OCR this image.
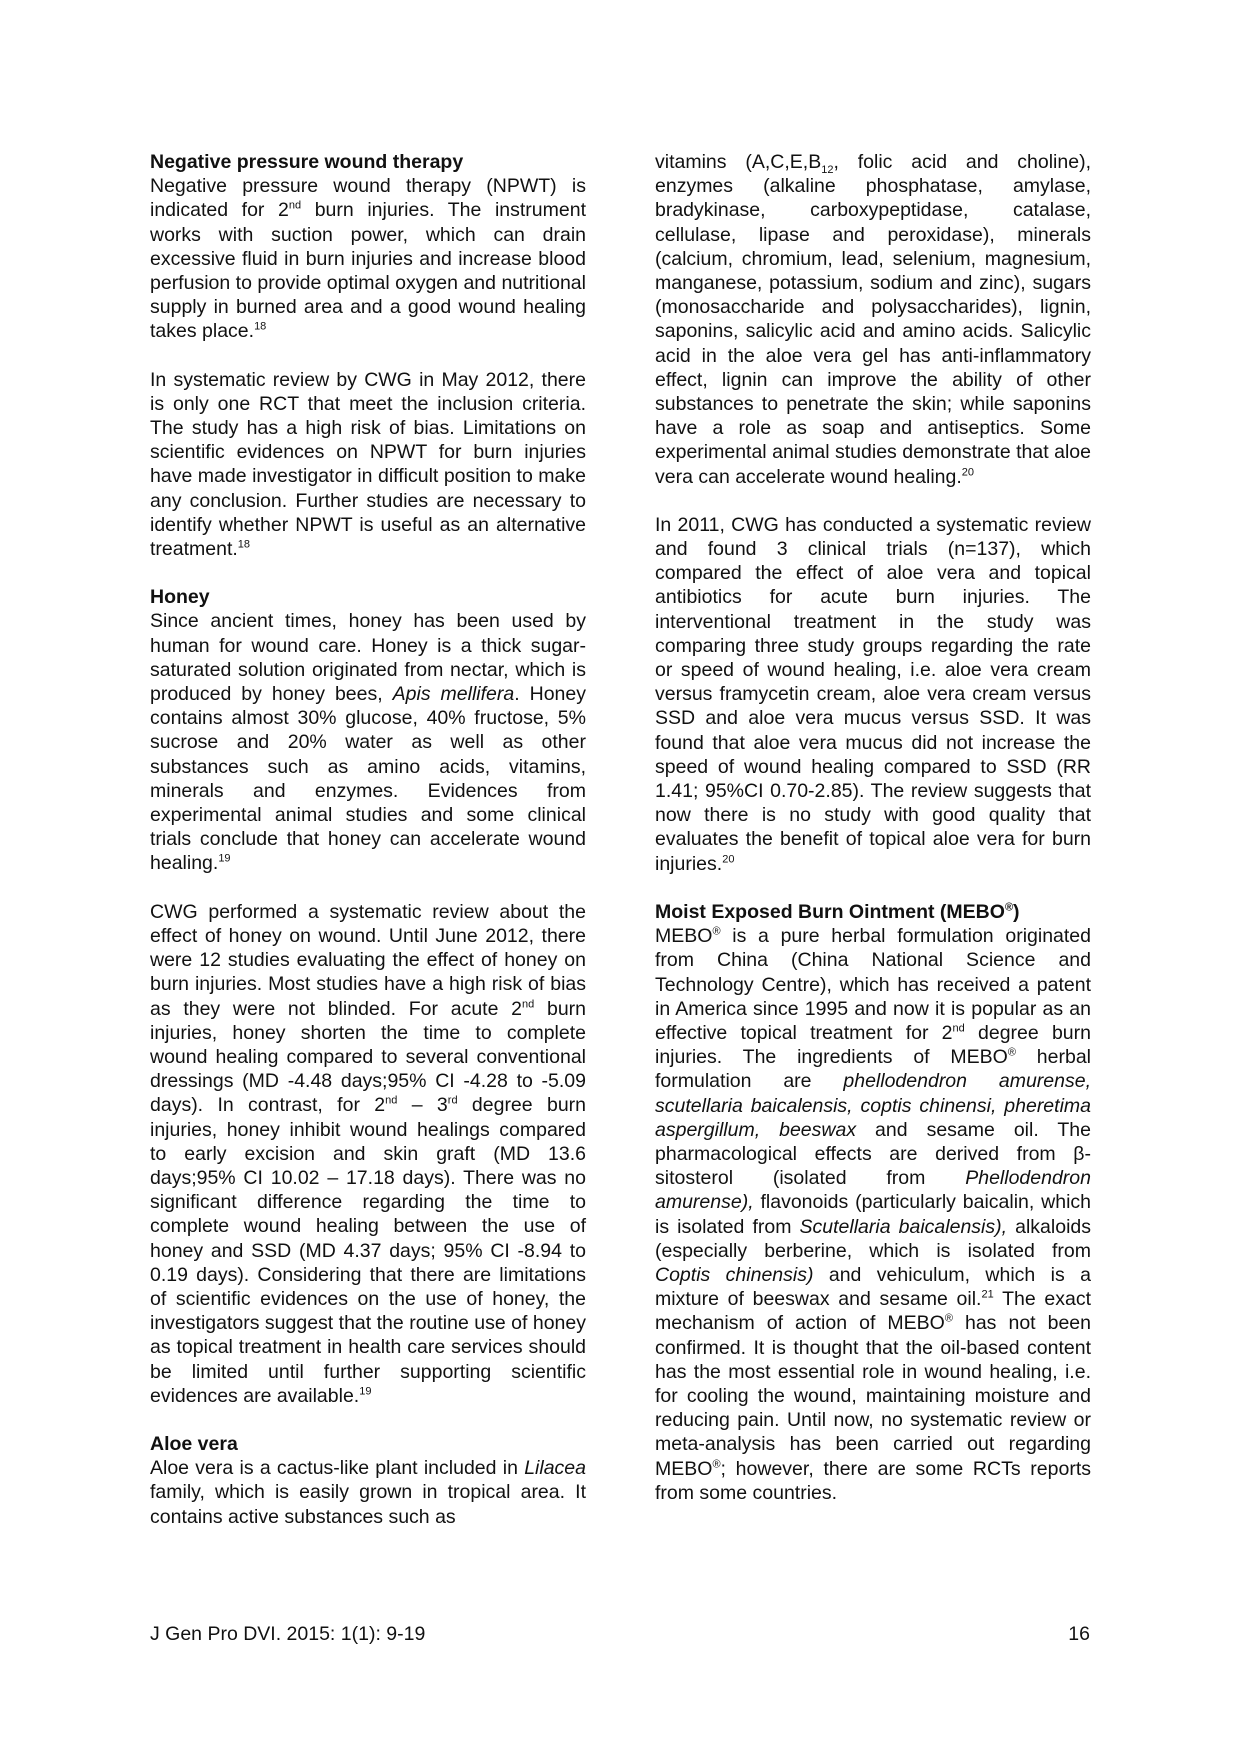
Negative pressure wound therapy

Negative pressure wound therapy (NPWT) is indicated for 2nd burn injuries. The instrument works with suction power, which can drain excessive fluid in burn injuries and increase blood perfusion to provide optimal oxygen and nutritional supply in burned area and a good wound healing takes place.$^{18}$

In systematic review by CWG in May 2012, there is only one RCT that meet the inclusion criteria. The study has a high risk of bias. Limitations on scientific evidences on NPWT for burn injuries have made investigator in difficult position to make any conclusion. Further studies are necessary to identify whether NPWT is useful as an alternative treatment.$^{18}$

Honey

Since ancient times, honey has been used by human for wound care. Honey is a thick sugar-saturated solution originated from nectar, which is produced by honey bees, Apis mellifera. Honey contains almost 30% glucose, 40% fructose, 5% sucrose and 20% water as well as other substances such as amino acids, vitamins, minerals and enzymes. Evidences from experimental animal studies and some clinical trials conclude that honey can accelerate wound healing.$^{19}$

CWG performed a systematic review about the effect of honey on wound. Until June 2012, there were 12 studies evaluating the effect of honey on burn injuries. Most studies have a high risk of bias as they were not blinded. For acute 2nd burn injuries, honey shorten the time to complete wound healing compared to several conventional dressings (MD -4.48 days;95% CI -4.28 to -5.09 days). In contrast, for 2nd – 3rd degree burn injuries, honey inhibit wound healings compared to early excision and skin graft (MD 13.6 days;95% CI 10.02 – 17.18 days). There was no significant difference regarding the time to complete wound healing between the use of honey and SSD (MD 4.37 days; 95% CI -8.94 to 0.19 days). Considering that there are limitations of scientific evidences on the use of honey, the investigators suggest that the routine use of honey as topical treatment in health care services should be limited until further supporting scientific evidences are available.$^{19}$

Aloe vera

Aloe vera is a cactus-like plant included in Lilacea family, which is easily grown in tropical area. It contains active substances such as

vitamins ($A,C,E,B_{12}$, folic acid and choline), enzymes (alkaline phosphatase, amylase, bradykinase, carboxypeptidase, catalase, cellulase, lipase and peroxidase), minerals (calcium, chromium, lead, selenium, magnesium, manganese, potassium, sodium and zinc), sugars (monosaccharide and polysaccharides), lignin, saponins, salicylic acid and amino acids. Salicylic acid in the aloe vera gel has anti-inflammatory effect, lignin can improve the ability of other substances to penetrate the skin; while saponins have a role as soap and antiseptics. Some experimental animal studies demonstrate that aloe vera can accelerate wound healing.$^{20}$

In 2011, CWG has conducted a systematic review and found 3 clinical trials (n=137), which compared the effect of aloe vera and topical antibiotics for acute burn injuries. The interventional treatment in the study was comparing three study groups regarding the rate or speed of wound healing, i.e. aloe vera cream versus framycetin cream, aloe vera cream versus SSD and aloe vera mucus versus SSD. It was found that aloe vera mucus did not increase the speed of wound healing compared to SSD (RR 1.41; 95%CI 0.70-2.85). The review suggests that now there is no study with good quality that evaluates the benefit of topical aloe vera for burn injuries.$^{20}$

Moist Exposed Burn Ointment (MEBO®)

MEBO® is a pure herbal formulation originated from China (China National Science and Technology Centre), which has received a patent in America since 1995 and now it is popular as an effective topical treatment for 2nd degree burn injuries. The ingredients of MEBO® herbal formulation are phellodendron amurense, scutellaria baicalensis, coptis chinensi, pheretima aspergillum, beeswax and sesame oil. The pharmacological effects are derived from β-sitosterol (isolated from Phellodendron amurense), flavonoids (particularly baicalin, which is isolated from Scutellaria baicalensis), alkaloids (especially berberine, which is isolated from Coptis chinensis) and vehiculum, which is a mixture of beeswax and sesame oil.$^{21}$ The exact mechanism of action of MEBO® has not been confirmed. It is thought that the oil-based content has the most essential role in wound healing, i.e. for cooling the wound, maintaining moisture and reducing pain. Until now, no systematic review or meta-analysis has been carried out regarding MEBO®; however, there are some RCTs reports from some countries.

J Gen Pro DVI. 2015: 1(1): 9-19	16
